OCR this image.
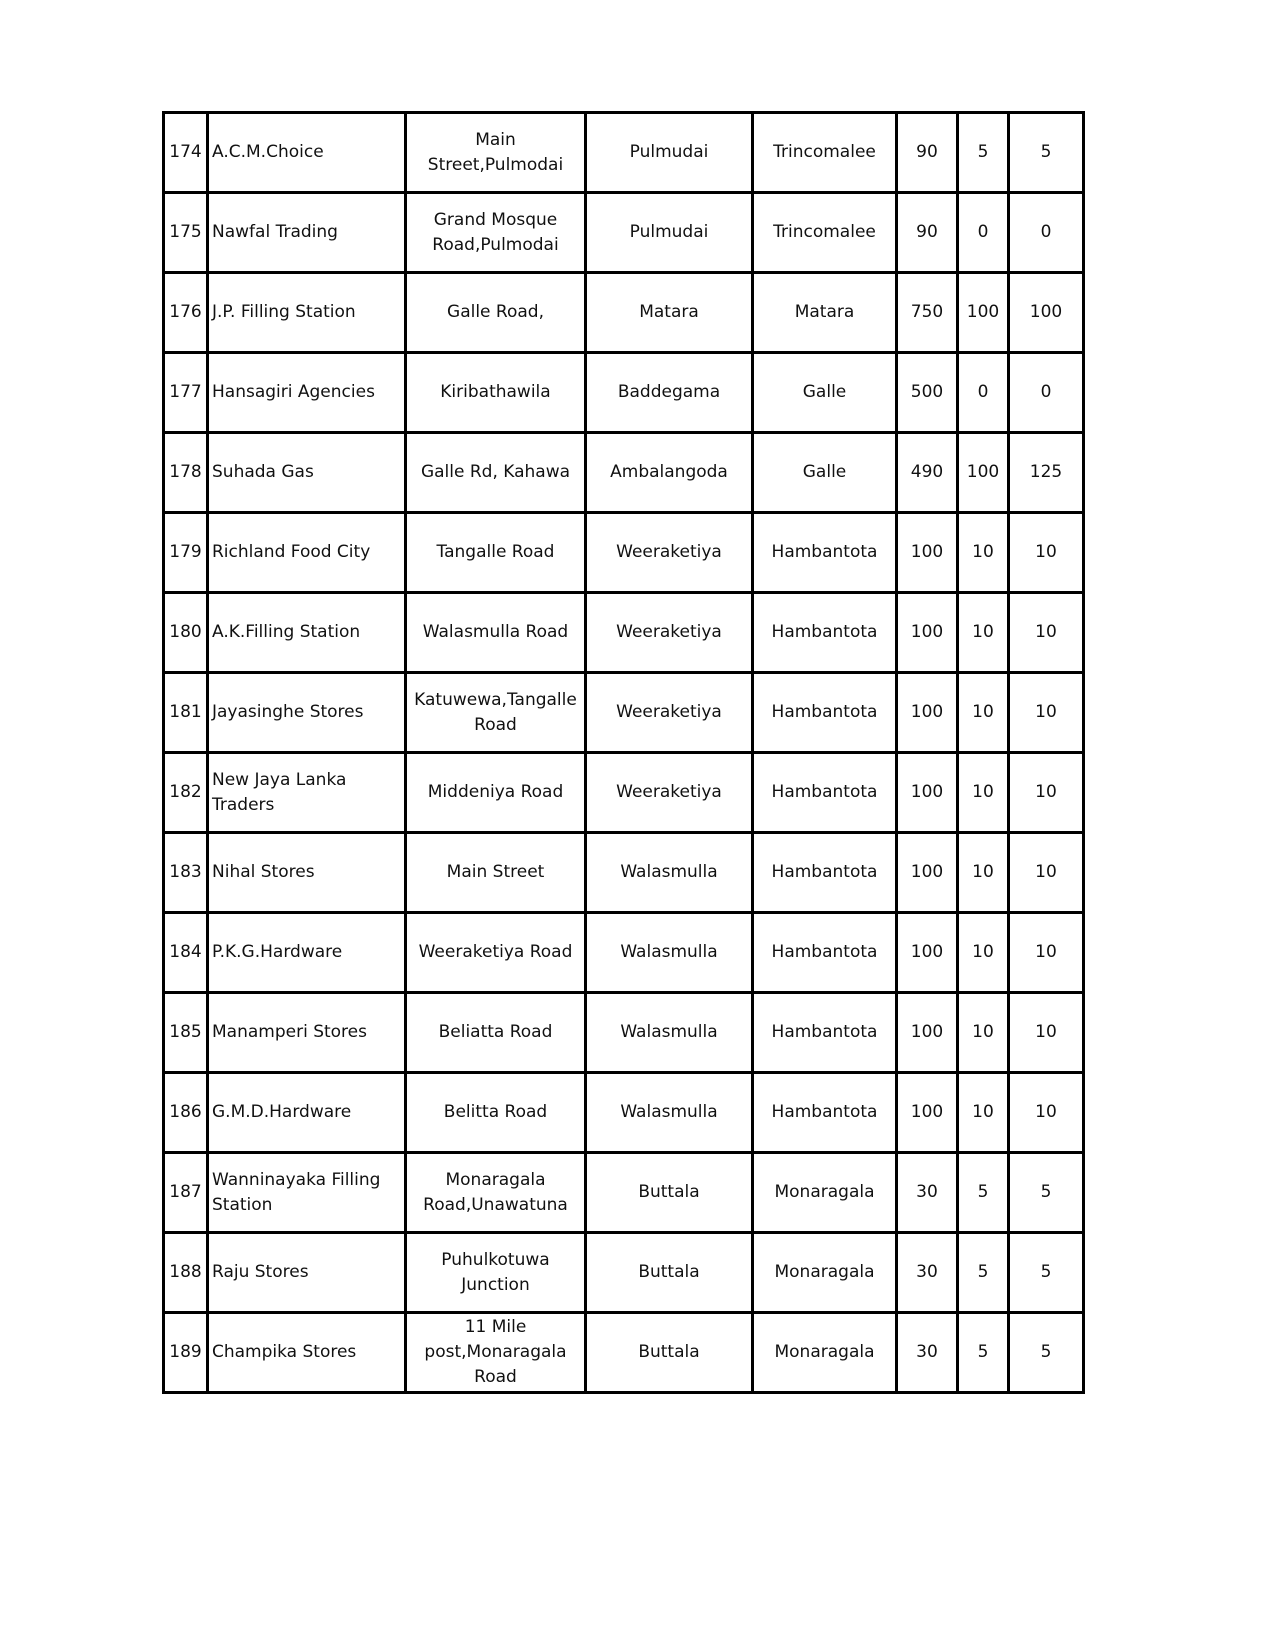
174	A.C.M.Choice	Main Street,Pulmodai	Pulmudai	Trincomalee	90	5	5
175	Nawfal Trading	Grand Mosque Road,Pulmodai	Pulmudai	Trincomalee	90	0	0
176	J.P. Filling Station	Galle Road,	Matara	Matara	750	100	100
177	Hansagiri Agencies	Kiribathawila	Baddegama	Galle	500	0	0
178	Suhada Gas	Galle Rd, Kahawa	Ambalangoda	Galle	490	100	125
179	Richland Food City	Tangalle Road	Weeraketiya	Hambantota	100	10	10
180	A.K.Filling Station	Walasmulla Road	Weeraketiya	Hambantota	100	10	10
181	Jayasinghe Stores	Katuwewa,Tangalle Road	Weeraketiya	Hambantota	100	10	10
182	New Jaya Lanka Traders	Middeniya Road	Weeraketiya	Hambantota	100	10	10
183	Nihal Stores	Main Street	Walasmulla	Hambantota	100	10	10
184	P.K.G.Hardware	Weeraketiya Road	Walasmulla	Hambantota	100	10	10
185	Manamperi Stores	Beliatta Road	Walasmulla	Hambantota	100	10	10
186	G.M.D.Hardware	Belitta Road	Walasmulla	Hambantota	100	10	10
187	Wanninayaka Filling Station	Monaragala Road,Unawatuna	Buttala	Monaragala	30	5	5
188	Raju Stores	Puhulkotuwa Junction	Buttala	Monaragala	30	5	5
189	Champika Stores	11 Mile post,Monaragala Road	Buttala	Monaragala	30	5	5
